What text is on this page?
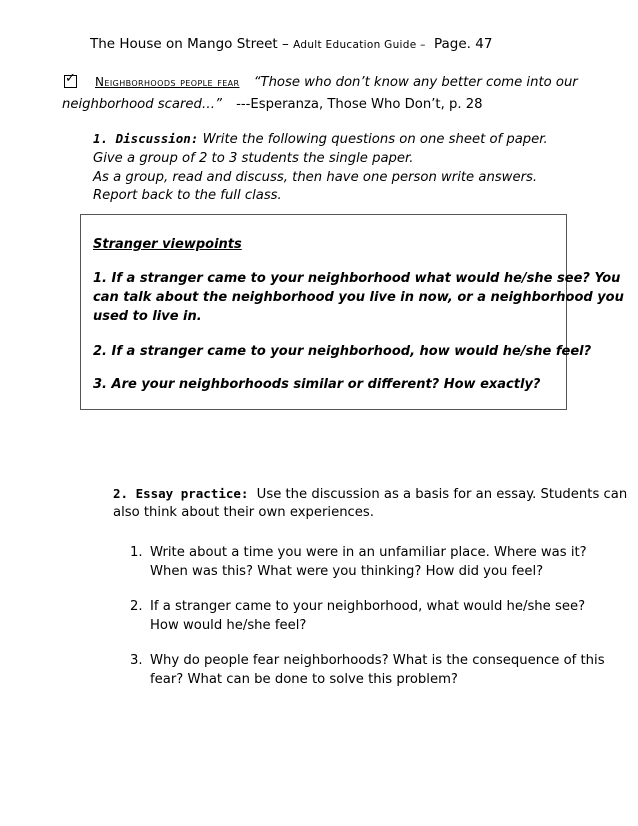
The House on Mango Street – Adult Education Guide – Page. 47
✓ Neighborhoods people fear “Those who don’t know any better come into our
neighborhood scared…” ---Esperanza, Those Who Don’t, p. 28
1. Discussion: Write the following questions on one sheet of paper.
Give a group of 2 to 3 students the single paper.
As a group, read and discuss, then have one person write answers.
Report back to the full class.
Stranger viewpoints
1. If a stranger came to your neighborhood what would he/she see? You
can talk about the neighborhood you live in now, or a neighborhood you
used to live in.
2. If a stranger came to your neighborhood, how would he/she feel?
3. Are your neighborhoods similar or different? How exactly?
2. Essay practice: Use the discussion as a basis for an essay. Students can
also think about their own experiences.
1. Write about a time you were in an unfamiliar place. Where was it?
When was this? What were you thinking? How did you feel?
2. If a stranger came to your neighborhood, what would he/she see?
How would he/she feel?
3. Why do people fear neighborhoods? What is the consequence of this
fear? What can be done to solve this problem?
